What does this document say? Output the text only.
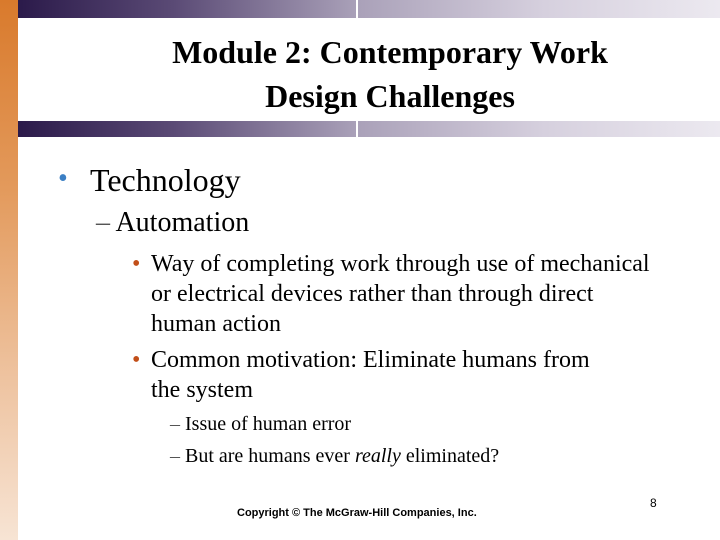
Module 2: Contemporary Work
Design Challenges
• Technology
– Automation
• Way of completing work through use of mechanical or electrical devices rather than through direct human action
• Common motivation: Eliminate humans from the system
– Issue of human error
– But are humans ever really eliminated?
Copyright © The McGraw-Hill Companies, Inc.
8
